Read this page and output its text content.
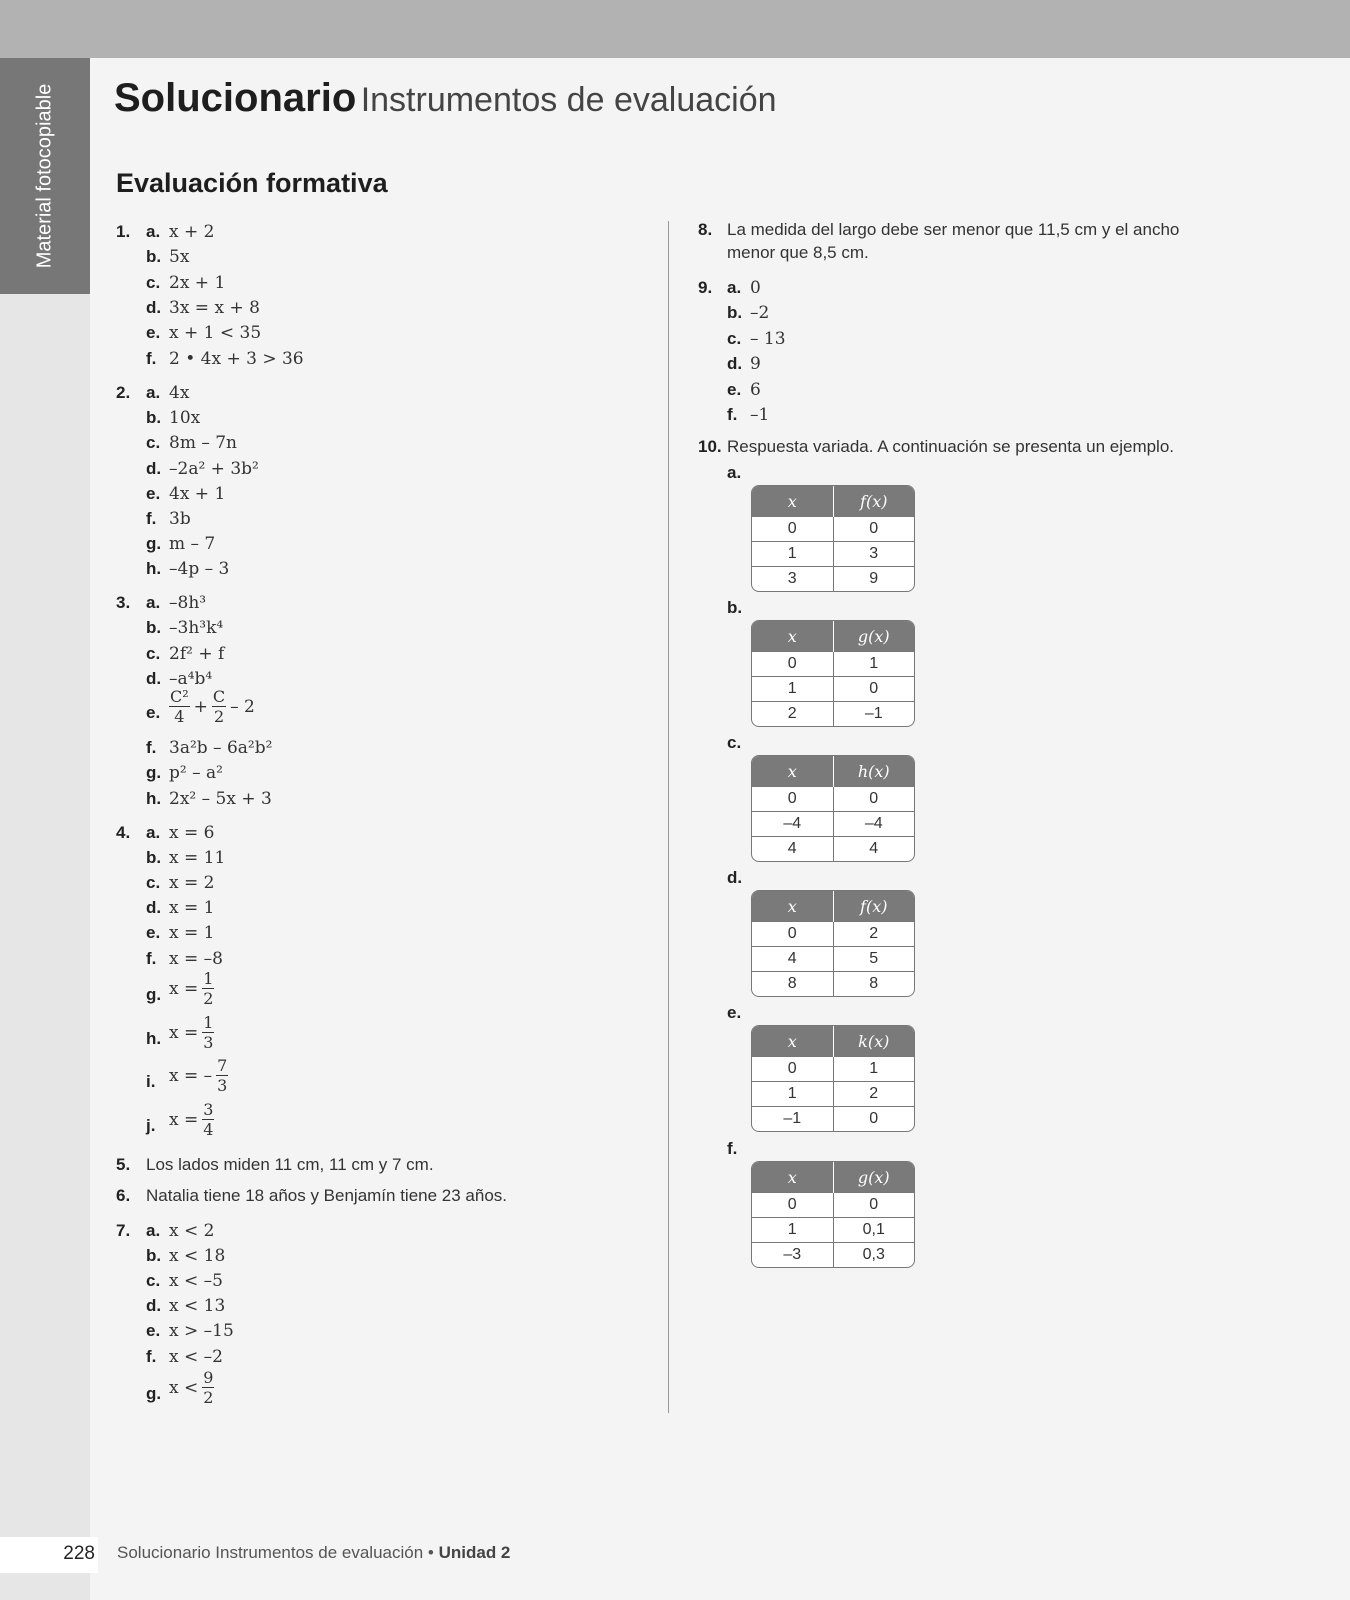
Material fotocopiable Solucionario Instrumentos de evaluación
Evaluación formativa
1. a. x + 2
b. 5x
c. 2x + 1
d. 3x = x + 8
e. x + 1 < 35
f. 2 • 4x + 3 > 36
2. a. 4x
b. 10x
c. 8m – 7n
d. –2a² + 3b²
e. 4x + 1
f. 3b
g. m – 7
h. –4p – 3
3. a. –8h³
b. –3h³k⁴
c. 2f² + f
d. –a⁴b⁴
e. $\frac{\text{C²}}{4} + \frac{C}{2} - 2$
f. 3a²b – 6a²b²
g. p² – a²
h. 2x² – 5x + 3
4. a. x = 6
b. x = 11
c. x = 2
d. x = 1
e. x = 1
f. x = –8
g. $x = \frac{1}{2}$
h. $x = \frac{1}{3}$
i. x = – $\frac{7}{3}$
j. $x = \frac{3}{4}$
5. Los lados miden 11 cm, 11 cm y 7 cm.
6. Natalia tiene 18 años y Benjamín tiene 23 años.
7. a. x < 2
b. x < 18
c. x < –5
d. x < 13
e. x > –15
f. x < –2
g. $x < \frac{9}{2}$
8. La medida del largo debe ser menor que 11,5 cm y el ancho
menor que 8,5 cm.
9. a. 0
b. –2
c. – 13
d. 9
e. 6
f. –1
10. Respuesta variada. A continuación se presenta un ejemplo.
a.
x	f(x)
0	0
1	3
3	9
b.
x	g(x)
0	1
1	0
2	–1
c.
x	h(x)
0	0
–4	–4
4	4
d.
x	f(x)
0	2
4	5
8	8
e.
x	k(x)
0	1
1	2
–1	0
f.
x	g(x)
0	0
1	0,1
–3	0,3
228 Solucionario Instrumentos de evaluación • Unidad 2
